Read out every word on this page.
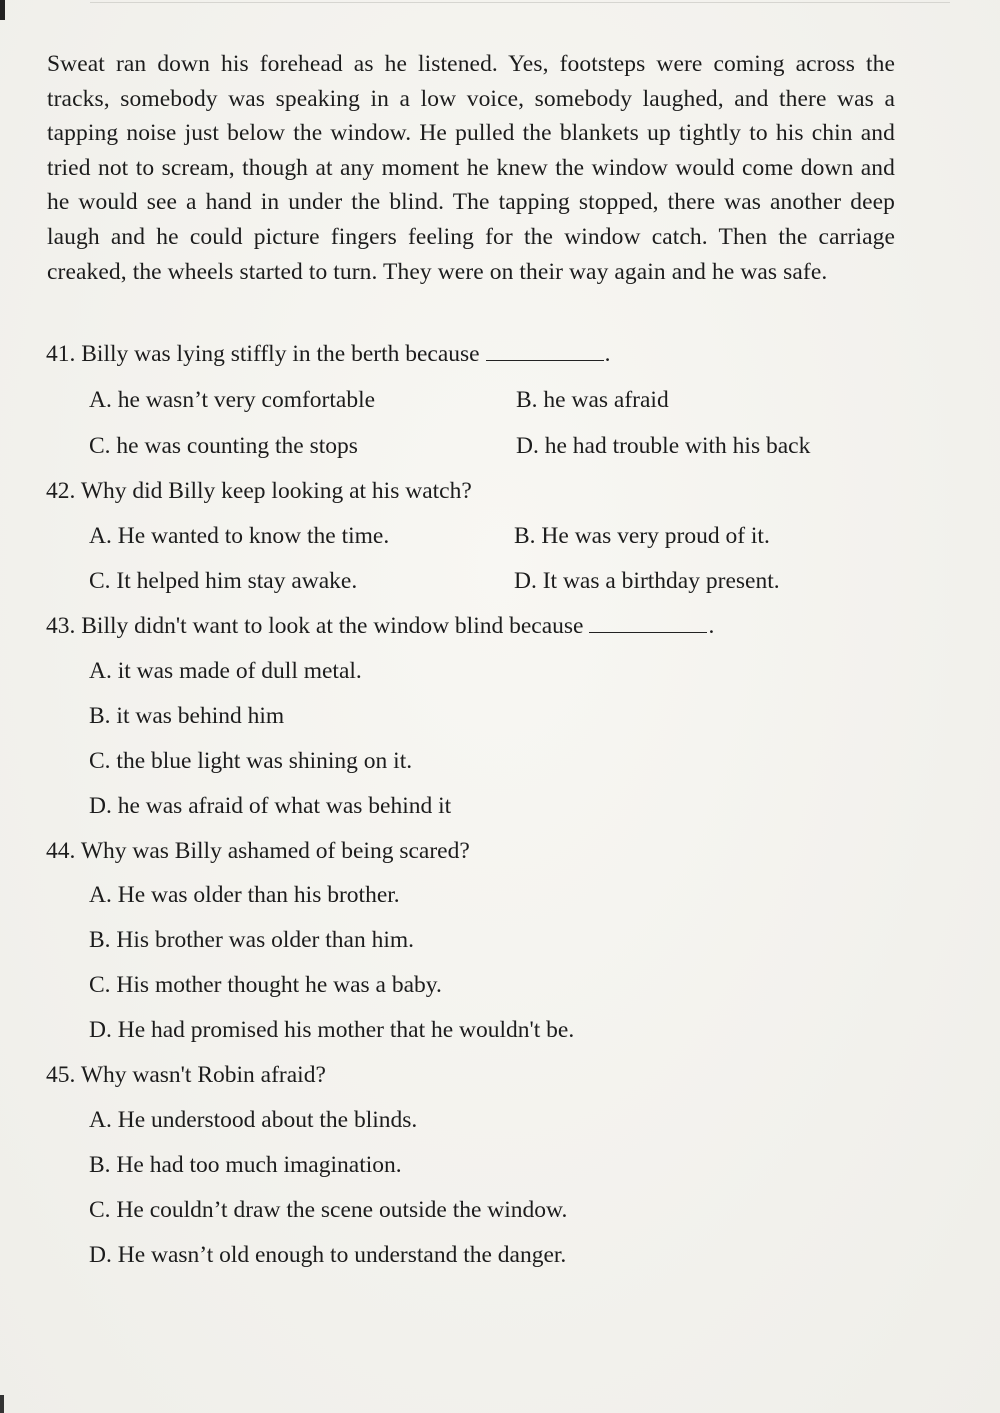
Sweat ran down his forehead as he listened. Yes, footsteps were coming across the tracks, somebody was speaking in a low voice, somebody laughed, and there was a tapping noise just below the window. He pulled the blankets up tightly to his chin and tried not to scream, though at any moment he knew the window would come down and he would see a hand in under the blind. The tapping stopped, there was another deep laugh and he could picture fingers feeling for the window catch. Then the carriage creaked, the wheels started to turn. They were on their way again and he was safe.

41. Billy was lying stiffly in the berth because	.
A. he wasn’t very comfortable	B. he was afraid
C. he was counting the stops	D. he had trouble with his back
42. Why did Billy keep looking at his watch?
A. He wanted to know the time.	B. He was very proud of it.
C. It helped him stay awake.	D. It was a birthday present.
43. Billy didn't want to look at the window blind because	.
A. it was made of dull metal.
B. it was behind him
C. the blue light was shining on it.
D. he was afraid of what was behind it
44. Why was Billy ashamed of being scared?
A. He was older than his brother.
B. His brother was older than him.
C. His mother thought he was a baby.
D. He had promised his mother that he wouldn't be.
45. Why wasn't Robin afraid?
A. He understood about the blinds.
B. He had too much imagination.
C. He couldn’t draw the scene outside the window.
D. He wasn’t old enough to understand the danger.
